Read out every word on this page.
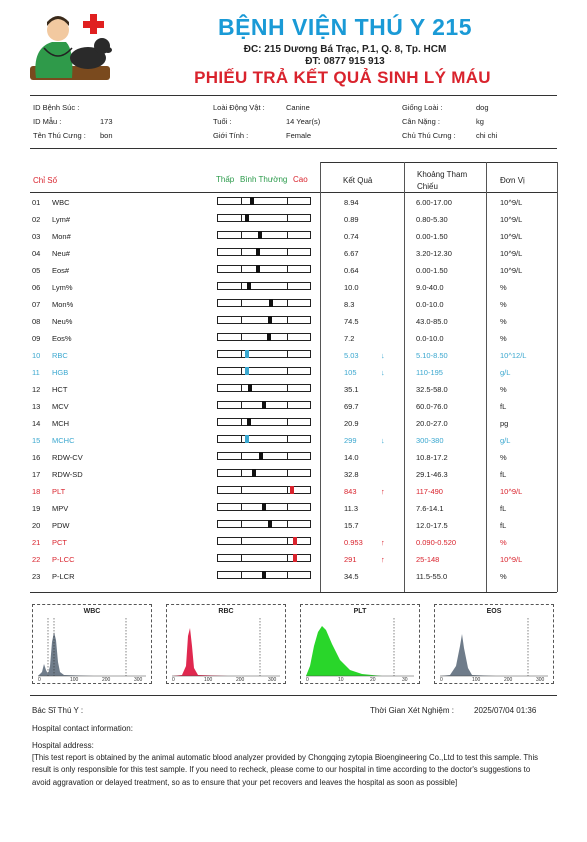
BỆNH VIỆN THÚ Y 215
ĐC: 215 Dương Bá Trạc, P.1, Q. 8, Tp. HCM
ĐT: 0877 915 913
PHIẾU TRẢ KẾT QUẢ SINH LÝ MÁU
ID Bệnh Súc :
ID Mẫu :	173
Tên Thú Cưng : bon
Loài Động Vật :	Canine
Tuổi :	14 Year(s)
Giới Tính :	Female
Giống Loài :	dog
Cân Nặng :	kg
Chủ Thú Cưng :	chi chi
Chỉ Số	Thấp Bình Thường Cao	Kết Quả
Khoảng Tham
Chiếu
Đơn Vị
01 WBC	8.94	6.00-17.00	10^9/L
02 Lym#	0.89	0.80-5.30	10^9/L
03 Mon#	0.74	0.00-1.50	10^9/L
04 Neu#	6.67	3.20-12.30	10^9/L
05 Eos#	0.64	0.00-1.50	10^9/L
06 Lym%	10.0	9.0-40.0	%
07 Mon%	8.3	0.0-10.0	%
08 Neu%	74.5	43.0-85.0	%
09 Eos%	7.2	0.0-10.0	%
10 RBC	5.03	↓	5.10-8.50	10^12/L
11 HGB	105	↓	110-195	g/L
12 HCT	35.1	32.5-58.0	%
13 MCV	69.7	60.0-76.0	fL
14 MCH	20.9	20.0-27.0	pg
15 MCHC	299	↓	300-380	g/L
16 RDW-CV	14.0	10.8-17.2	%
17 RDW-SD	32.8	29.1-46.3	fL
18 PLT	843	↑	117-490	10^9/L
19 MPV	11.3	7.6-14.1	fL
20 PDW	15.7	12.0-17.5	fL
21 PCT	0.953 ↑	0.090-0.520	%
22 P-LCC	291	↑	25-148	10^9/L
23 P-LCR	34.5	11.5-55.0	%
WBC
0	100	200	300
RBC
0	100	200	300
PLT
0	10	20	30
EOS
0	100	200	300
Bác Sĩ Thú Y :	Thời Gian Xét Nghiệm :	2025/07/04 01:36
Hospital contact information:
Hospital address:
[This test report is obtained by the animal automatic blood analyzer provided by Chongqing zytopia Bioengineering Co.,Ltd to test this sample. This result is only responsible for this test sample. If you need to recheck, please come to our hospital in time according to the doctor's suggestions to avoid aggravation or delayed treatment, so as to ensure that your pet recovers and leaves the hospital as soon as possible]
